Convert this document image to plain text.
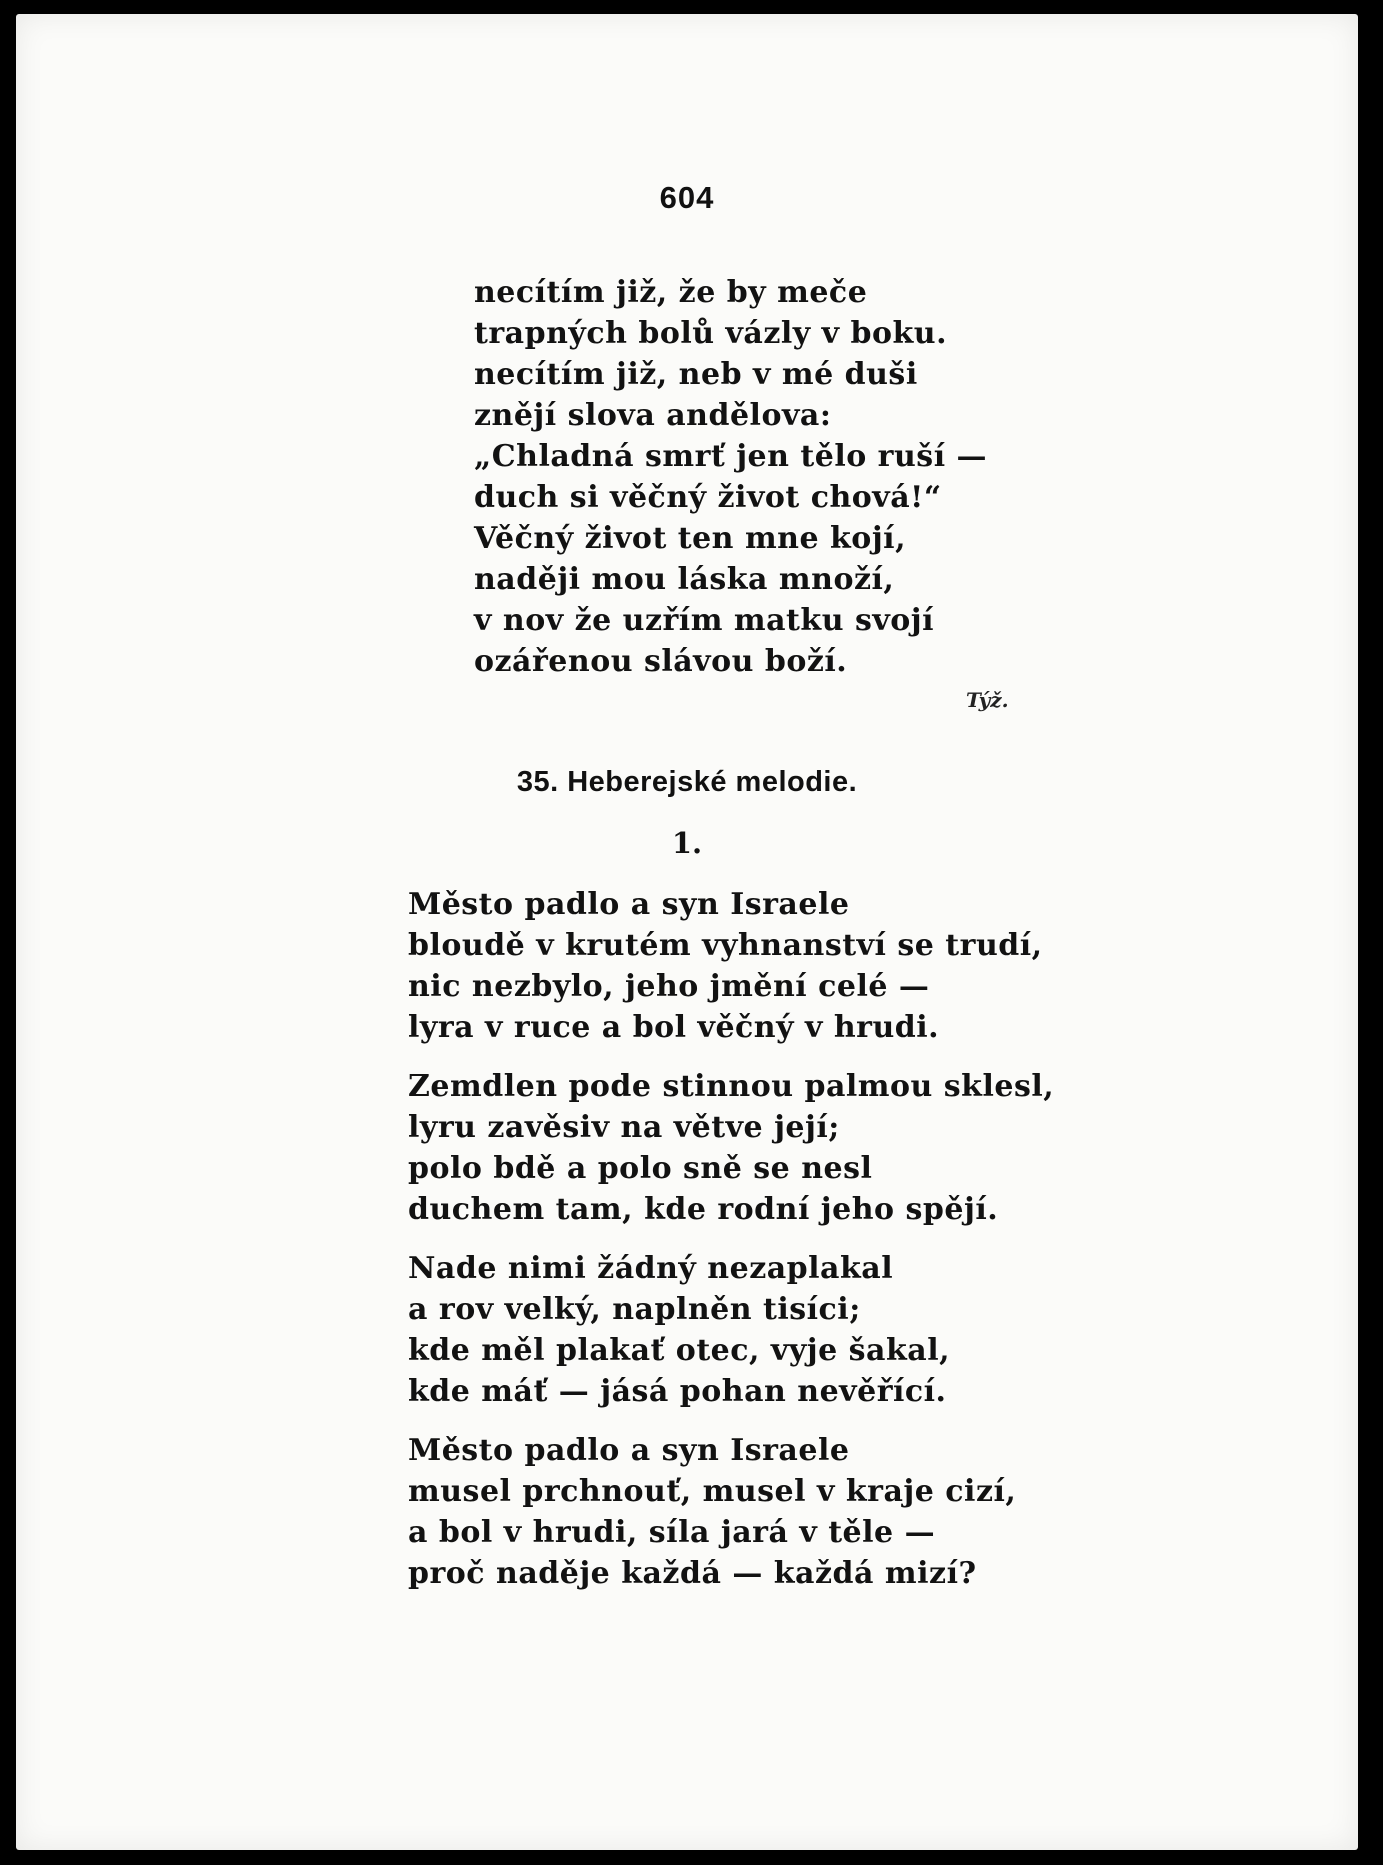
604
necítím již, že by meče
trapných bolů vázly v boku.
necítím již, neb v mé duši
znějí slova andělova:
„Chladná smrť jen tělo ruší —
duch si věčný život chová!“
Věčný život ten mne kojí,
naději mou láska množí,
v nov že uzřím matku svojí
ozářenou slávou boží.
Týž.
35. Heberejské melodie.
1.
Město padlo a syn Israele
bloudě v krutém vyhnanství se trudí,
nic nezbylo, jeho jmění celé —
lyra v ruce a bol věčný v hrudi.
Zemdlen pode stinnou palmou sklesl,
lyru zavěsiv na větve její;
polo bdě a polo sně se nesl
duchem tam, kde rodní jeho spějí.
Nade nimi žádný nezaplakal
a rov velký, naplněn tisíci;
kde měl plakať otec, vyje šakal,
kde máť — jásá pohan nevěřící.
Město padlo a syn Israele
musel prchnouť, musel v kraje cizí,
a bol v hrudi, síla jará v těle —
proč naděje každá — každá mizí?
